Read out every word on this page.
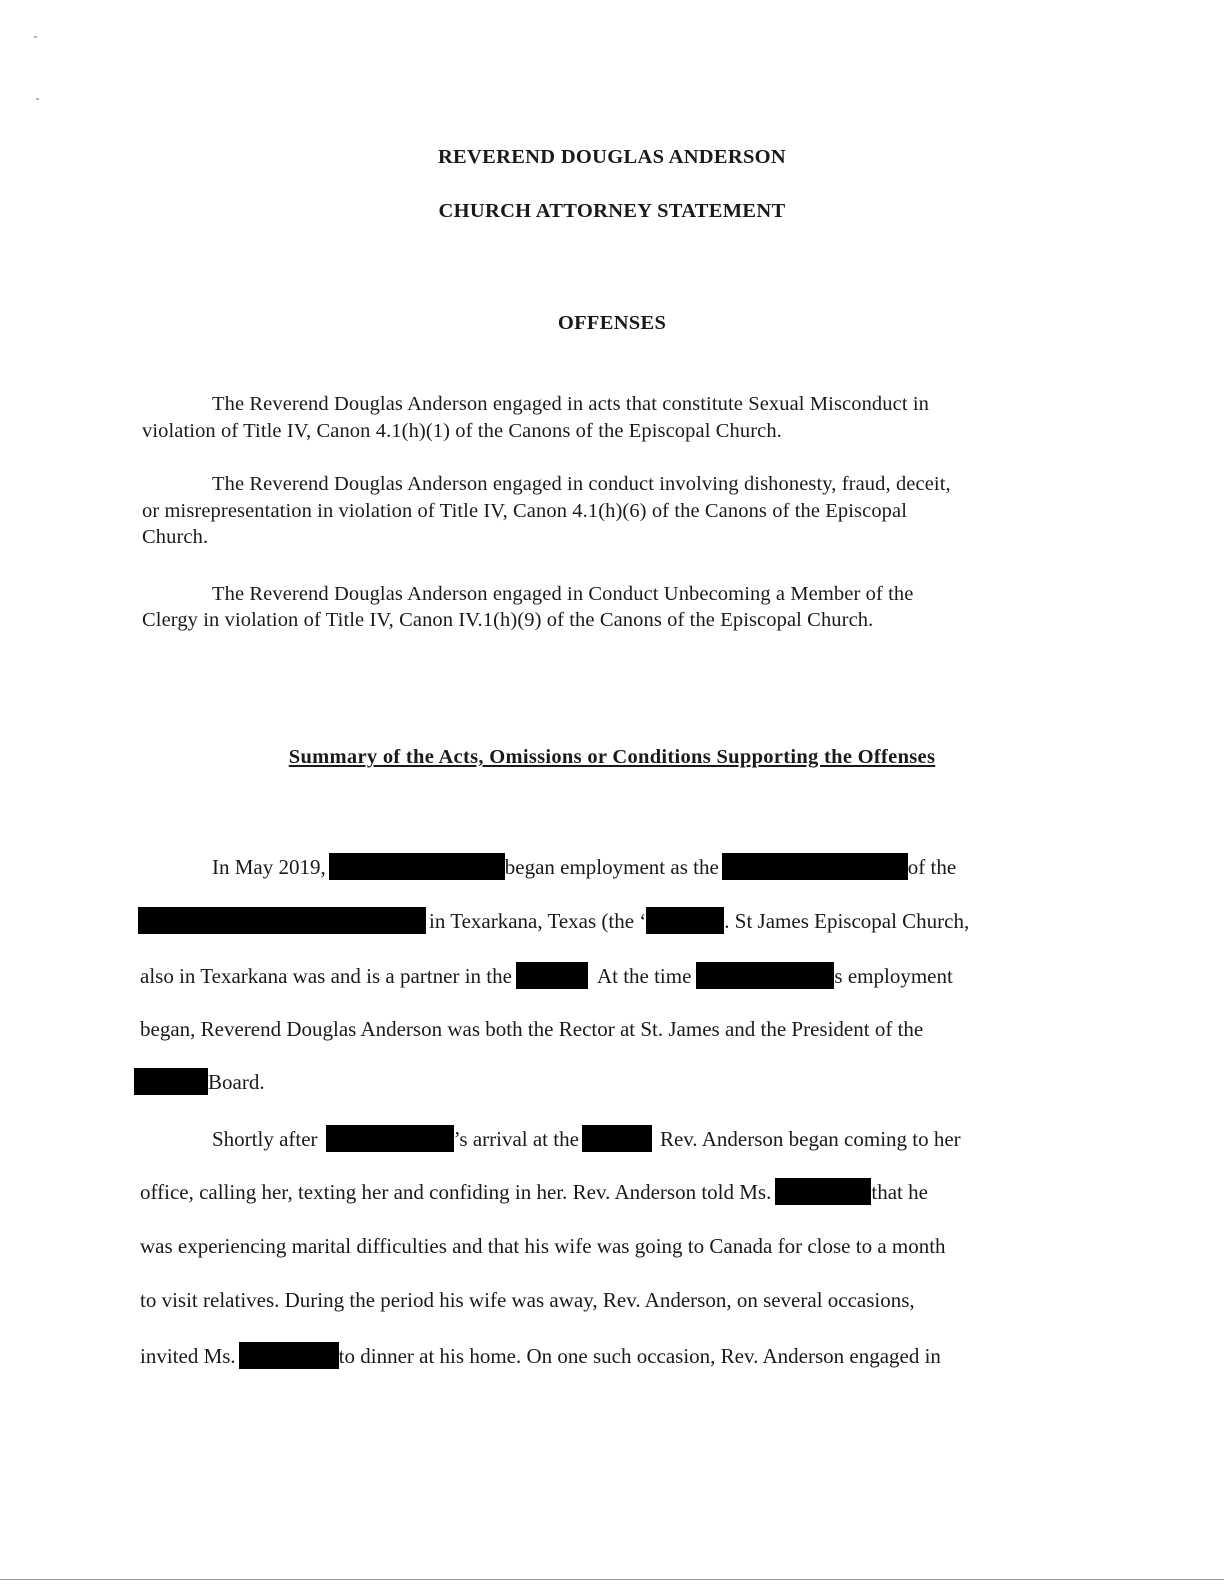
REVEREND DOUGLAS ANDERSON
CHURCH ATTORNEY STATEMENT
OFFENSES
The Reverend Douglas Anderson engaged in acts that constitute Sexual Misconduct in
violation of Title IV, Canon 4.1(h)(1) of the Canons of the Episcopal Church.
The Reverend Douglas Anderson engaged in conduct involving dishonesty, fraud, deceit,
or misrepresentation in violation of Title IV, Canon 4.1(h)(6) of the Canons of the Episcopal
Church.
The Reverend Douglas Anderson engaged in Conduct Unbecoming a Member of the
Clergy in violation of Title IV, Canon IV.1(h)(9) of the Canons of the Episcopal Church.
Summary of the Acts, Omissions or Conditions Supporting the Offenses
In May 2019,	began employment as the	of the
in Texarkana, Texas (the ‘	. St James Episcopal Church,
also in Texarkana was and is a partner in the	At the time	s employment
began, Reverend Douglas Anderson was both the Rector at St. James and the President of the
Board.
Shortly after	’s arrival at the	Rev. Anderson began coming to her
office, calling her, texting her and confiding in her. Rev. Anderson told Ms.	that he
was experiencing marital difficulties and that his wife was going to Canada for close to a month
to visit relatives. During the period his wife was away, Rev. Anderson, on several occasions,
invited Ms.	to dinner at his home. On one such occasion, Rev. Anderson engaged in
